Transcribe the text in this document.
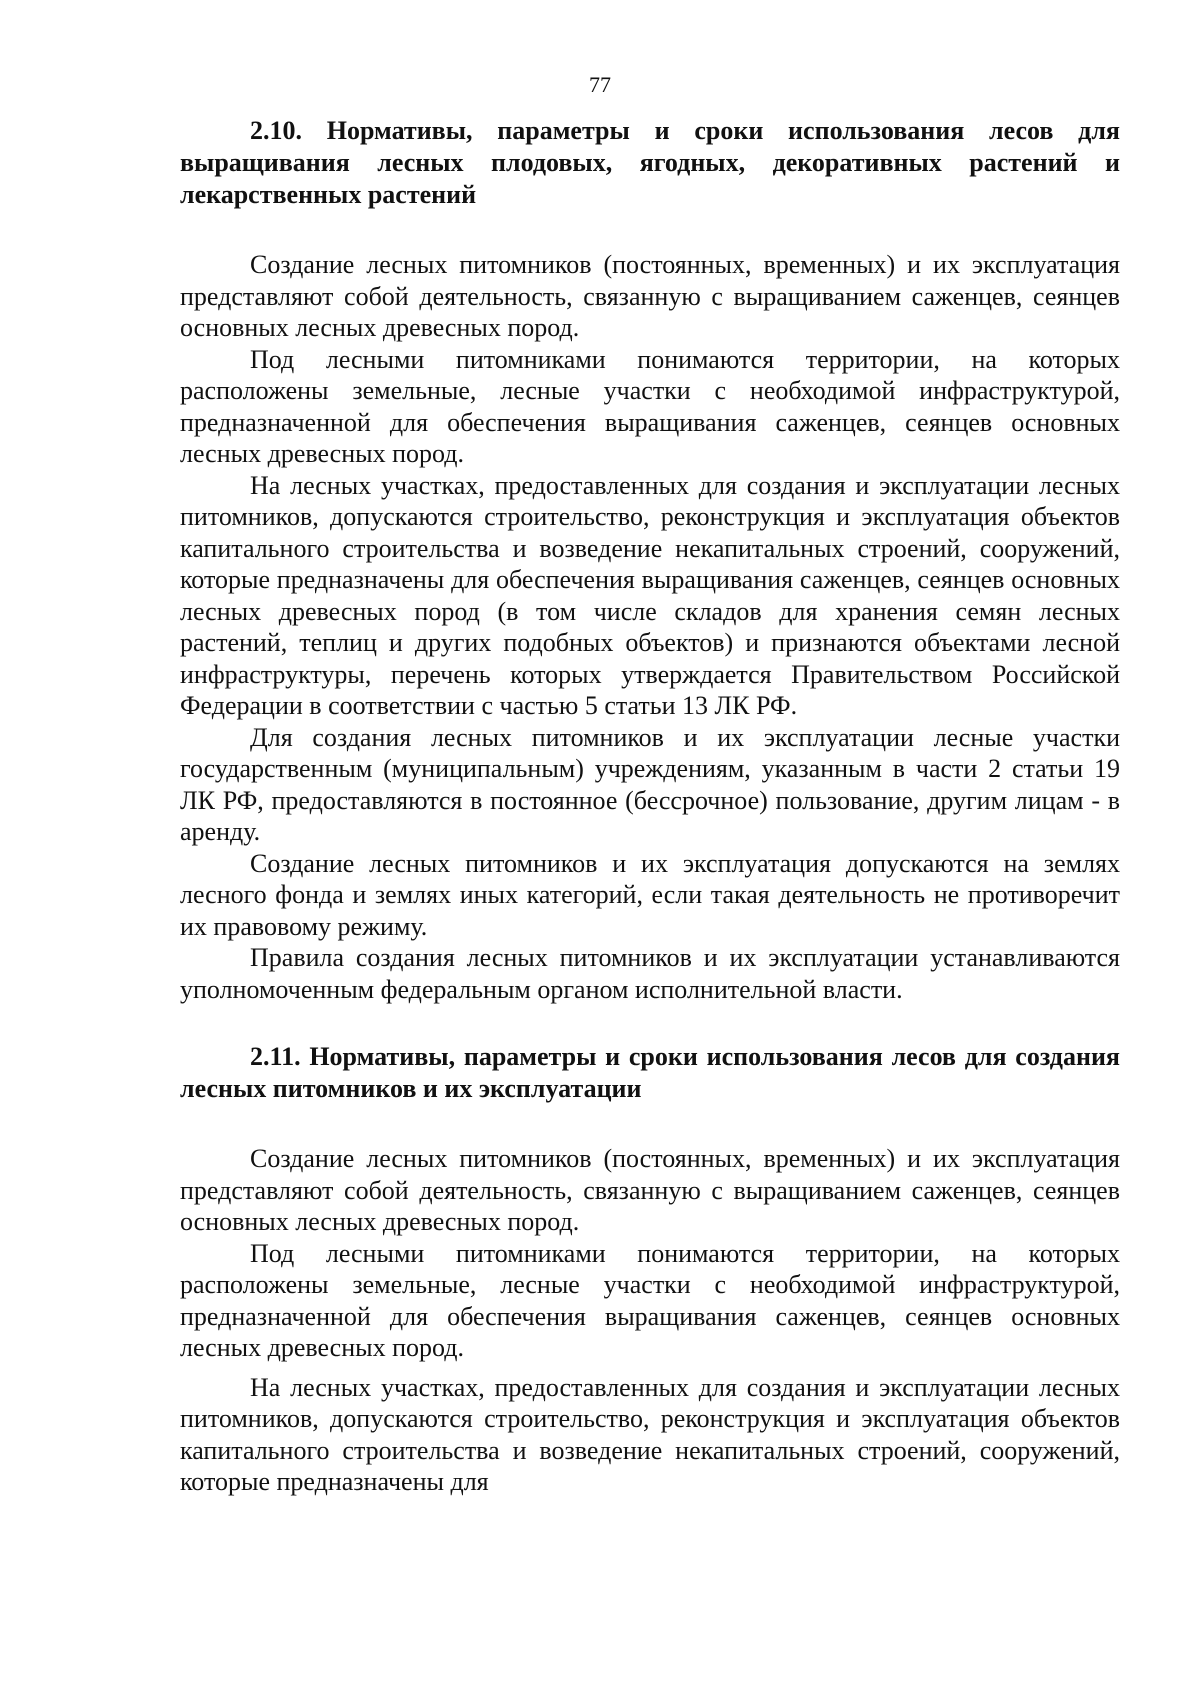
77

2.10. Нормативы, параметры и сроки использования лесов для выращивания лесных плодовых, ягодных, декоративных растений и лекарственных растений

Создание лесных питомников (постоянных, временных) и их эксплуатация представляют собой деятельность, связанную с выращиванием саженцев, сеянцев основных лесных древесных пород.

Под лесными питомниками понимаются территории, на которых расположены земельные, лесные участки с необходимой инфраструктурой, предназначенной для обеспечения выращивания саженцев, сеянцев основных лесных древесных пород.

На лесных участках, предоставленных для создания и эксплуатации лесных питомников, допускаются строительство, реконструкция и эксплуатация объектов капитального строительства и возведение некапитальных строений, сооружений, которые предназначены для обеспечения выращивания саженцев, сеянцев основных лесных древесных пород (в том числе складов для хранения семян лесных растений, теплиц и других подобных объектов) и признаются объектами лесной инфраструктуры, перечень которых утверждается Правительством Российской Федерации в соответствии с частью 5 статьи 13 ЛК РФ.

Для создания лесных питомников и их эксплуатации лесные участки государственным (муниципальным) учреждениям, указанным в части 2 статьи 19 ЛК РФ, предоставляются в постоянное (бессрочное) пользование, другим лицам - в аренду.

Создание лесных питомников и их эксплуатация допускаются на землях лесного фонда и землях иных категорий, если такая деятельность не противоречит их правовому режиму.

Правила создания лесных питомников и их эксплуатации устанавливаются уполномоченным федеральным органом исполнительной власти.

2.11. Нормативы, параметры и сроки использования лесов для создания лесных питомников и их эксплуатации

Создание лесных питомников (постоянных, временных) и их эксплуатация представляют собой деятельность, связанную с выращиванием саженцев, сеянцев основных лесных древесных пород.

Под лесными питомниками понимаются территории, на которых расположены земельные, лесные участки с необходимой инфраструктурой, предназначенной для обеспечения выращивания саженцев, сеянцев основных лесных древесных пород.

На лесных участках, предоставленных для создания и эксплуатации лесных питомников, допускаются строительство, реконструкция и эксплуатация объектов капитального строительства и возведение некапитальных строений, сооружений, которые предназначены для
